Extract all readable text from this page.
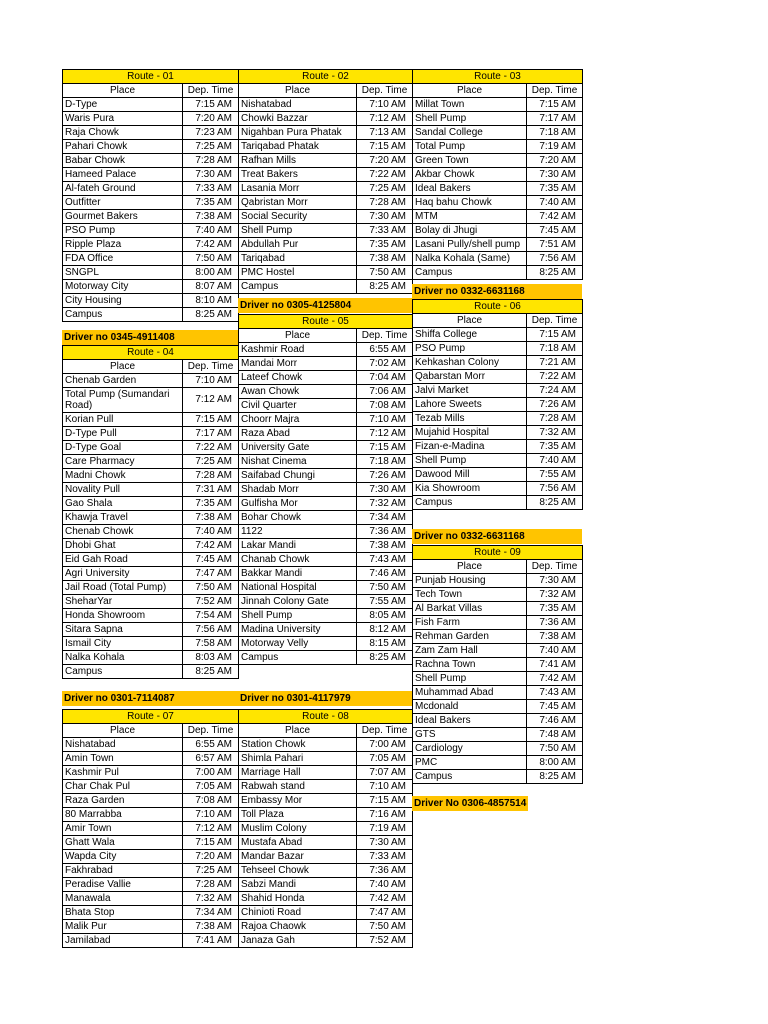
Route - 01	
Place	Dep. Time
D-Type	7:15 AM
Waris Pura	7:20 AM
Raja Chowk	7:23 AM
Pahari Chowk	7:25 AM
Babar Chowk	7:28 AM
Hameed Palace	7:30 AM
Al-fateh Ground	7:33 AM
Outfitter	7:35 AM
Gourmet Bakers	7:38 AM
PSO Pump	7:40 AM
Ripple Plaza	7:42 AM
FDA Office	7:50 AM
SNGPL	8:00 AM
Motorway City	8:07 AM
City Housing	8:10 AM
Campus	8:25 AM
Route - 02	
Place	Dep. Time
Nishatabad	7:10 AM
Chowki Bazzar	7:12 AM
Nigahban Pura Phatak	7:13 AM
Tariqabad Phatak	7:15 AM
Rafhan Mills	7:20 AM
Treat Bakers	7:22 AM
Lasania Morr	7:25 AM
Qabristan Morr	7:28 AM
Social Security	7:30 AM
Shell Pump	7:33 AM
Abdullah Pur	7:35 AM
Tariqabad	7:38 AM
PMC Hostel	7:50 AM
Campus	8:25 AM
Route - 03	
Place	Dep. Time
Millat Town	7:15 AM
Shell Pump	7:17 AM
Sandal College	7:18 AM
Total Pump	7:19 AM
Green Town	7:20 AM
Akbar Chowk	7:30 AM
Ideal Bakers	7:35 AM
Haq bahu Chowk	7:40 AM
MTM	7:42 AM
Bolay di Jhugi	7:45 AM
Lasani Pully/shell pump	7:51 AM
Nalka Kohala (Same)	7:56 AM
Campus	8:25 AM
Route - 04	
Place	Dep. Time
Chenab Garden	7:10 AM
Total Pump (Sumandari Road)	7:12 AM
Korian Pull	7:15 AM
D-Type Pull	7:17 AM
D-Type Goal	7:22 AM
Care Pharmacy	7:25 AM
Madni Chowk	7:28 AM
Novality Pull	7:31 AM
Gao Shala	7:35 AM
Khawja Travel	7:38 AM
Chenab Chowk	7:40 AM
Dhobi Ghat	7:42 AM
Eid Gah Road	7:45 AM
Agri University	7:47 AM
Jail Road (Total Pump)	7:50 AM
SheharYar	7:52 AM
Honda Showroom	7:54 AM
Sitara Sapna	7:56 AM
Ismail City	7:58 AM
Nalka Kohala	8:03 AM
Campus	8:25 AM
Route - 05	
Place	Dep. Time
Kashmir Road	6:55 AM
Mandai Morr	7:02 AM
Lateef Chowk	7:04 AM
Awan Chowk	7:06 AM
Civil Quarter	7:08 AM
Choorr Majra	7:10 AM
Raza Abad	7:12 AM
University Gate	7:15 AM
Nishat Cinema	7:18 AM
Saifabad Chungi	7:26 AM
Shadab Morr	7:30 AM
Gulfisha Mor	7:32 AM
Bohar Chowk	7:34 AM
1122	7:36 AM
Lakar Mandi	7:38 AM
Chanab Chowk	7:43 AM
Bakkar Mandi	7:46 AM
National Hospital	7:50 AM
Jinnah Colony Gate	7:55 AM
Shell Pump	8:05 AM
Madina University	8:12 AM
Motorway Velly	8:15 AM
Campus	8:25 AM
Route - 06	
Place	Dep. Time
Shiffa College	7:15 AM
PSO Pump	7:18 AM
Kehkashan Colony	7:21 AM
Qabarstan Morr	7:22 AM
Jalvi Market	7:24 AM
Lahore Sweets	7:26 AM
Tezab Mills	7:28 AM
Mujahid Hospital	7:32 AM
Fizan-e-Madina	7:35 AM
Shell Pump	7:40 AM
Dawood Mill	7:55 AM
Kia Showroom	7:56 AM
Campus	8:25 AM
Route - 07	
Place	Dep. Time
Nishatabad	6:55 AM
Amin Town	6:57 AM
Kashmir Pul	7:00 AM
Char Chak Pul	7:05 AM
Raza Garden	7:08 AM
80 Marrabba	7:10 AM
Amir Town	7:12 AM
Ghatt Wala	7:15 AM
Wapda City	7:20 AM
Fakhrabad	7:25 AM
Peradise Vallie	7:28 AM
Manawala	7:32 AM
Bhata Stop	7:34 AM
Malik Pur	7:38 AM
Jamilabad	7:41 AM
Route - 08	
Place	Dep. Time
Station Chowk	7:00 AM
Shimla Pahari	7:05 AM
Marriage Hall	7:07 AM
Rabwah stand	7:10 AM
Embassy Mor	7:15 AM
Toll Plaza	7:16 AM
Muslim Colony	7:19 AM
Mustafa Abad	7:30 AM
Mandar Bazar	7:33 AM
Tehseel Chowk	7:36 AM
Sabzi Mandi	7:40 AM
Shahid Honda	7:42 AM
Chinioti Road	7:47 AM
Rajoa Chaowk	7:50 AM
Janaza Gah	7:52 AM
Route - 09	
Place	Dep. Time
Punjab Housing	7:30 AM
Tech Town	7:32 AM
Al Barkat Villas	7:35 AM
Fish Farm	7:36 AM
Rehman Garden	7:38 AM
Zam Zam Hall	7:40 AM
Rachna Town	7:41 AM
Shell Pump	7:42 AM
Muhammad Abad	7:43 AM
Mcdonald	7:45 AM
Ideal Bakers	7:46 AM
GTS	7:48 AM
Cardiology	7:50 AM
PMC	8:00 AM
Campus	8:25 AM
Driver no 0345-4911408
Driver no 0305-4125804
Driver no 0332-6631168
Driver no 0301-7114087	Driver no 0301-4117979
Driver no 0332-6631168
Driver No 0306-4857514
